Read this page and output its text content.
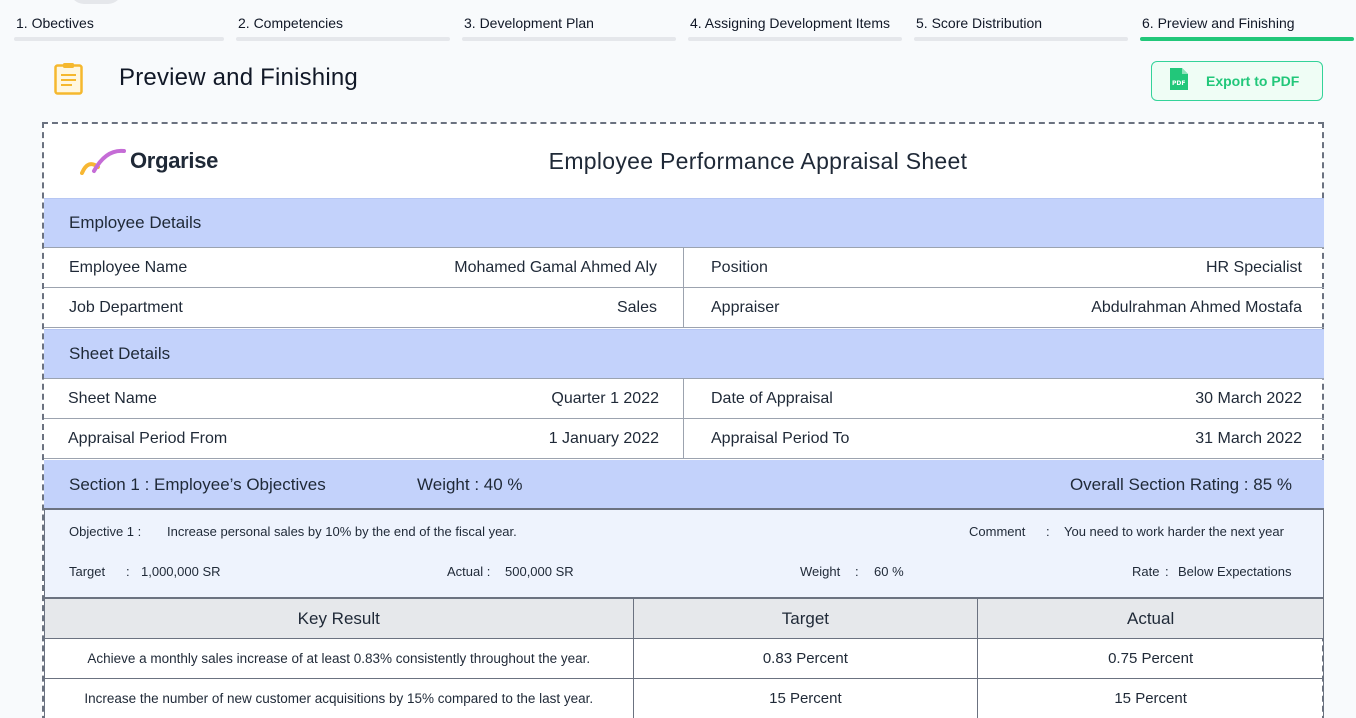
1. Obectives	2. Competencies	3. Development Plan	4. Assigning Development Items	5. Score Distribution	6. Preview and Finishing
Preview and Finishing	PDF Export to PDF
Orgarise	Employee Performance Appraisal Sheet
Employee Details
Employee Name	Mohamed Gamal Ahmed Aly	Position	HR Specialist
Job Department	Sales	Appraiser	Abdulrahman Ahmed Mostafa
Sheet Details
Sheet Name	Quarter 1 2022	Date of Appraisal	30 March 2022
Appraisal Period From	1 January 2022	Appraisal Period To	31 March 2022
Section 1 : Employee’s Objectives	Weight : 40 %	Overall Section Rating : 85 %
Objective 1 : Increase personal sales by 10% by the end of the fiscal year.	Comment : You need to work harder the next year
Target : 1,000,000 SR	Actual : 500,000 SR	Weight : 60 %	Rate : Below Expectations
Key Result	Target	Actual
Achieve a monthly sales increase of at least 0.83% consistently throughout the year.	0.83 Percent	0.75 Percent
Increase the number of new customer acquisitions by 15% compared to the last year.	15 Percent	15 Percent
